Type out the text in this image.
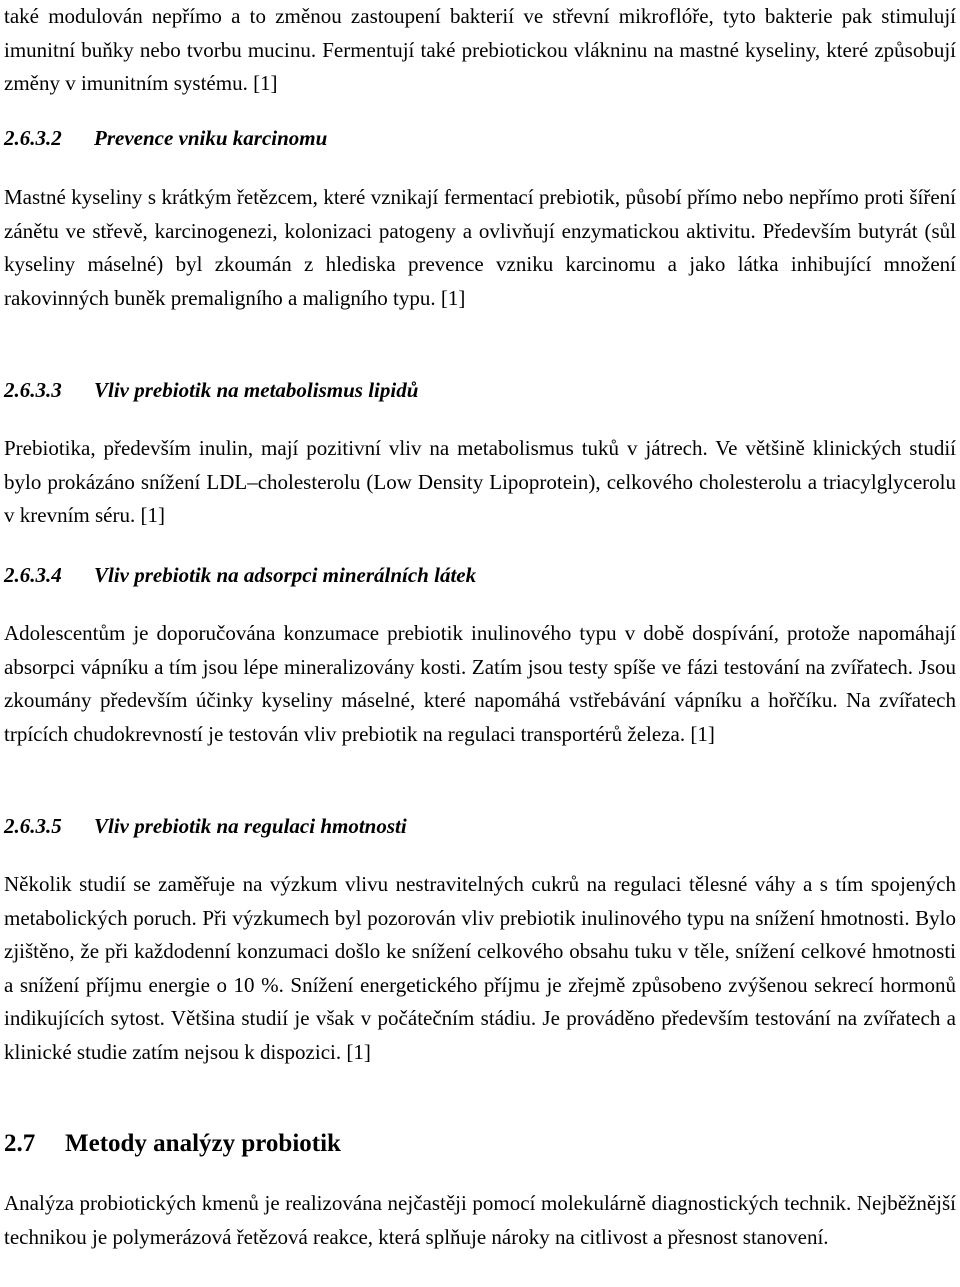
také modulován nepřímo a to změnou zastoupení bakterií ve střevní mikroflóře, tyto bakterie pak stimulují imunitní buňky nebo tvorbu mucinu. Fermentují také prebiotickou vlákninu na mastné kyseliny, které způsobují změny v imunitním systému. [1]

2.6.3.2 Prevence vniku karcinomu

Mastné kyseliny s krátkým řetězcem, které vznikají fermentací prebiotik, působí přímo nebo nepřímo proti šíření zánětu ve střevě, karcinogenezi, kolonizaci patogeny a ovlivňují enzymatickou aktivitu. Především butyrát (sůl kyseliny máselné) byl zkoumán z hlediska prevence vzniku karcinomu a jako látka inhibující množení rakovinných buněk premaligního a maligního typu. [1]

2.6.3.3 Vliv prebiotik na metabolismus lipidů

Prebiotika, především inulin, mají pozitivní vliv na metabolismus tuků v játrech. Ve většině klinických studií bylo prokázáno snížení LDL–cholesterolu (Low Density Lipoprotein), celkového cholesterolu a triacylglycerolu v krevním séru. [1]

2.6.3.4 Vliv prebiotik na adsorpci minerálních látek

Adolescentům je doporučována konzumace prebiotik inulinového typu v době dospívání, protože napomáhají absorpci vápníku a tím jsou lépe mineralizovány kosti. Zatím jsou testy spíše ve fázi testování na zvířatech. Jsou zkoumány především účinky kyseliny máselné, které napomáhá vstřebávání vápníku a hořčíku. Na zvířatech trpících chudokrevností je testován vliv prebiotik na regulaci transportérů železa. [1]

2.6.3.5 Vliv prebiotik na regulaci hmotnosti

Několik studií se zaměřuje na výzkum vlivu nestravitelných cukrů na regulaci tělesné váhy a s tím spojených metabolických poruch. Při výzkumech byl pozorován vliv prebiotik inulinového typu na snížení hmotnosti. Bylo zjištěno, že při každodenní konzumaci došlo ke snížení celkového obsahu tuku v těle, snížení celkové hmotnosti a snížení příjmu energie o 10 %. Snížení energetického příjmu je zřejmě způsobeno zvýšenou sekrecí hormonů indikujících sytost. Většina studií je však v počátečním stádiu. Je prováděno především testování na zvířatech a klinické studie zatím nejsou k dispozici. [1]

2.7 Metody analýzy probiotik

Analýza probiotických kmenů je realizována nejčastěji pomocí molekulárně diagnostických technik. Nejběžnější technikou je polymerázová řetězová reakce, která splňuje nároky na citlivost a přesnost stanovení.
